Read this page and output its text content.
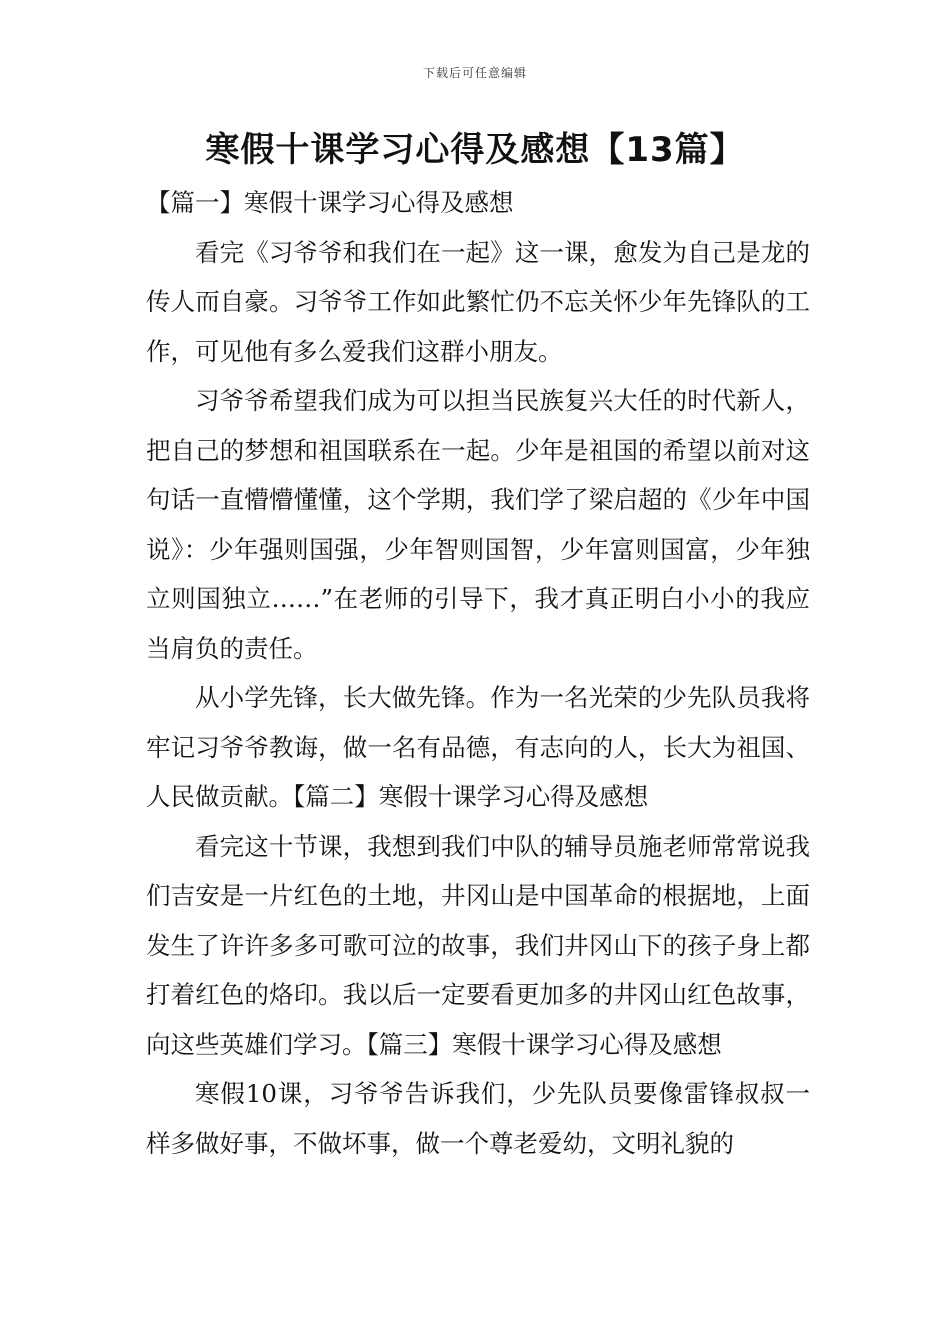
下载后可任意编辑
寒假十课学习心得及感想【13篇】

【篇一】寒假十课学习心得及感想

看完《习爷爷和我们在一起》这一课，愈发为自己是龙的传人而自豪。习爷爷工作如此繁忙仍不忘关怀少年先锋队的工作，可见他有多么爱我们这群小朋友。

习爷爷希望我们成为可以担当民族复兴大任的时代新人，把自己的梦想和祖国联系在一起。少年是祖国的希望以前对这句话一直懵懵懂懂，这个学期，我们学了梁启超的《少年中国说》：少年强则国强，少年智则国智，少年富则国富，少年独立则国独立……”在老师的引导下，我才真正明白小小的我应当肩负的责任。

从小学先锋，长大做先锋。作为一名光荣的少先队员我将牢记习爷爷教诲，做一名有品德，有志向的人，长大为祖国、人民做贡献。【篇二】寒假十课学习心得及感想

看完这十节课，我想到我们中队的辅导员施老师常常说我们吉安是一片红色的土地，井冈山是中国革命的根据地，上面发生了许许多多可歌可泣的故事，我们井冈山下的孩子身上都打着红色的烙印。我以后一定要看更加多的井冈山红色故事，向这些英雄们学习。【篇三】寒假十课学习心得及感想

寒假10课，习爷爷告诉我们，少先队员要像雷锋叔叔一样多做好事，不做坏事，做一个尊老爱幼，文明礼貌的
